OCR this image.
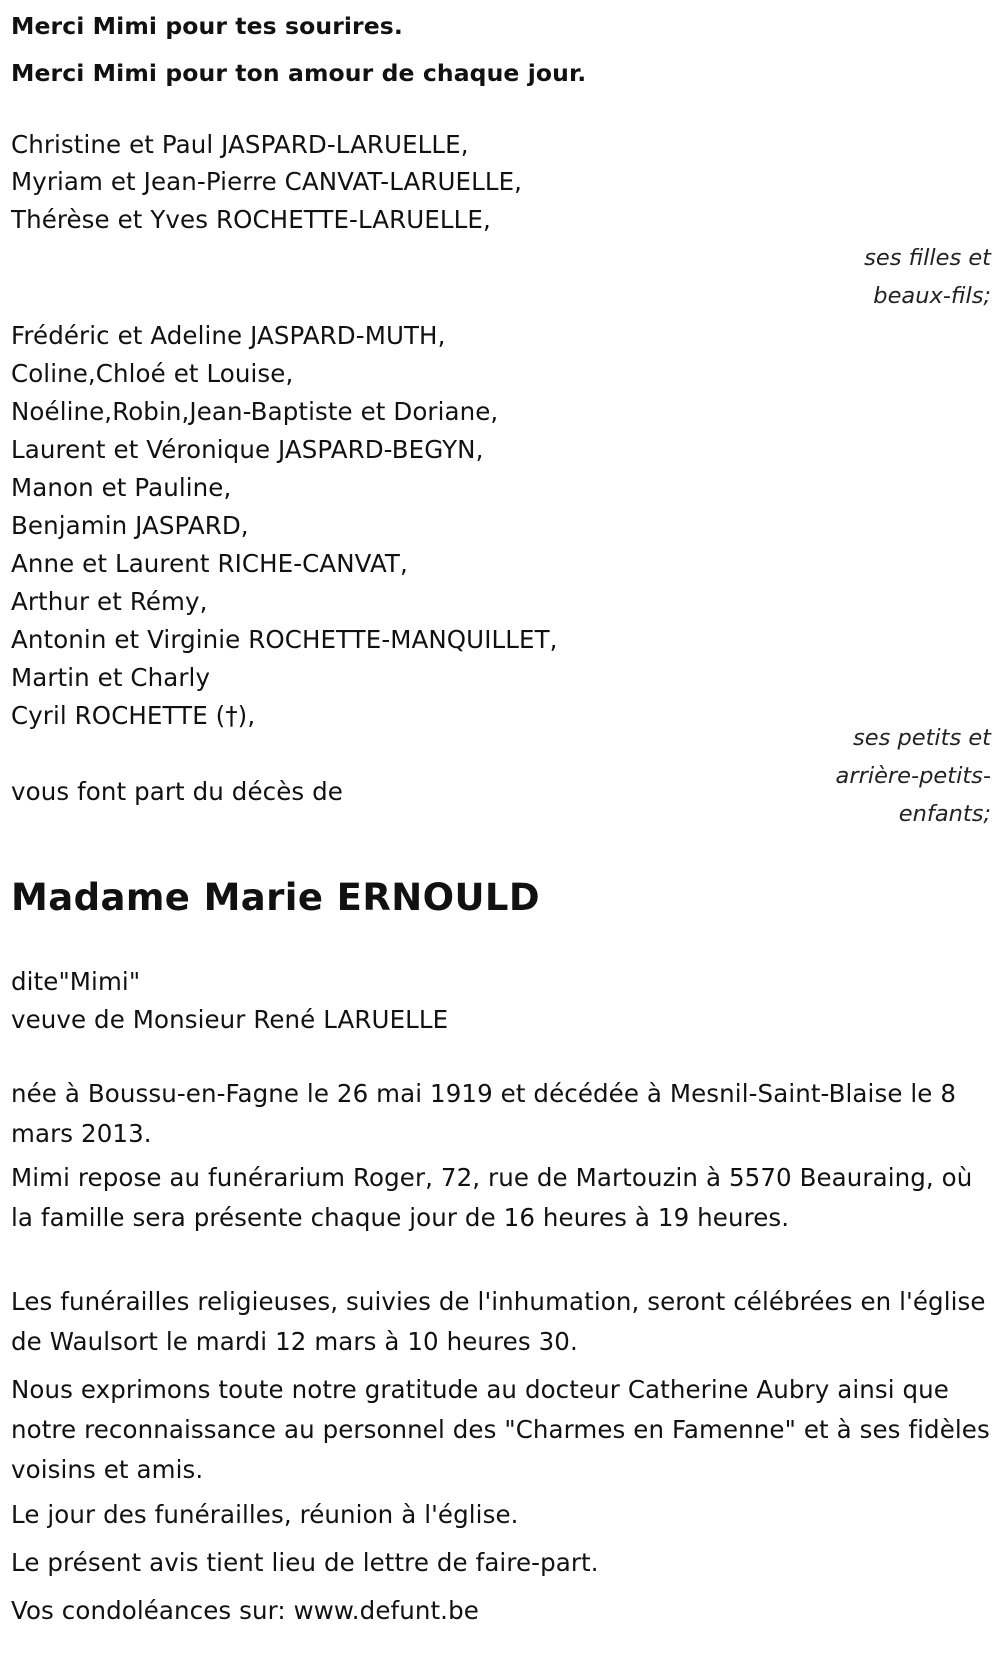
Merci Mimi pour tes sourires.
Merci Mimi pour ton amour de chaque jour.
Christine et Paul JASPARD-LARUELLE,
Myriam et Jean-Pierre CANVAT-LARUELLE,
Thérèse et Yves ROCHETTE-LARUELLE,
ses filles et
beaux-fils;
Frédéric et Adeline JASPARD-MUTH,
Coline,Chloé et Louise,
Noéline,Robin,Jean-Baptiste et Doriane,
Laurent et Véronique JASPARD-BEGYN,
Manon et Pauline,
Benjamin JASPARD,
Anne et Laurent RICHE-CANVAT,
Arthur et Rémy,
Antonin et Virginie ROCHETTE-MANQUILLET,
Martin et Charly
Cyril ROCHETTE (†),
ses petits et
arrière-petits-
enfants;
vous font part du décès de
Madame Marie ERNOULD
dite"Mimi"
veuve de Monsieur René LARUELLE
née à Boussu-en-Fagne le 26 mai 1919 et décédée à Mesnil-Saint-Blaise le 8 mars 2013.
Mimi repose au funérarium Roger, 72, rue de Martouzin à 5570 Beauraing, où la famille sera présente chaque jour de 16 heures à 19 heures.
Les funérailles religieuses, suivies de l'inhumation, seront célébrées en l'église de Waulsort le mardi 12 mars à 10 heures 30.
Nous exprimons toute notre gratitude au docteur Catherine Aubry ainsi que notre reconnaissance au personnel des "Charmes en Famenne" et à ses fidèles voisins et amis.
Le jour des funérailles, réunion à l'église.
Le présent avis tient lieu de lettre de faire-part.
Vos condoléances sur: www.defunt.be
